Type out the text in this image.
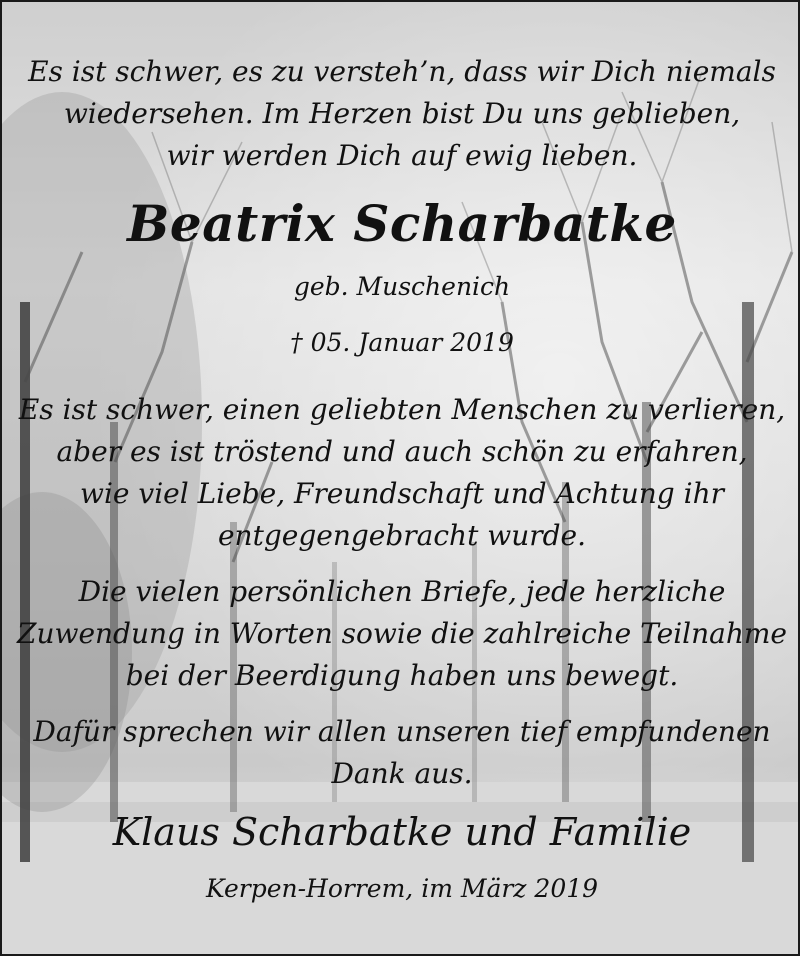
Es ist schwer, es zu versteh’n, dass wir Dich niemals
wiedersehen. Im Herzen bist Du uns geblieben,
wir werden Dich auf ewig lieben.
Beatrix Scharbatke
geb. Muschenich
† 05. Januar 2019
Es ist schwer, einen geliebten Menschen zu verlieren,
aber es ist tröstend und auch schön zu erfahren,
wie viel Liebe, Freundschaft und Achtung ihr
entgegengebracht wurde.
Die vielen persönlichen Briefe, jede herzliche
Zuwendung in Worten sowie die zahlreiche Teilnahme
bei der Beerdigung haben uns bewegt.
Dafür sprechen wir allen unseren tief empfundenen
Dank aus.
Klaus Scharbatke und Familie
Kerpen-Horrem, im März 2019
